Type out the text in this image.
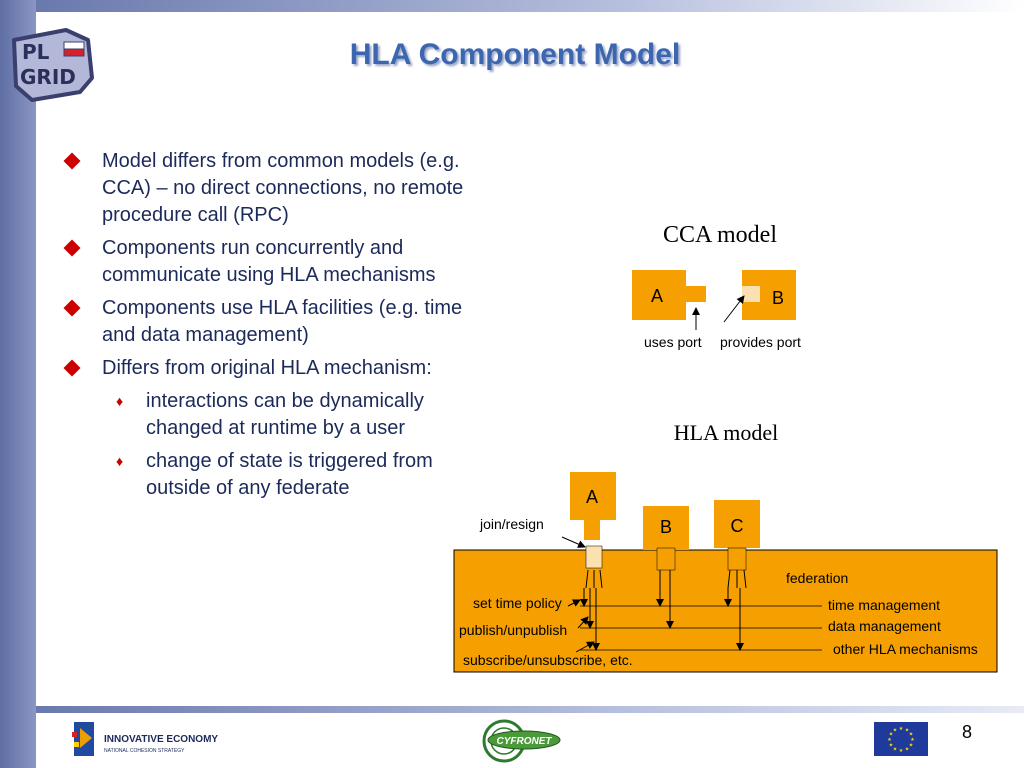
PL
GRID
HLA Component Model
Model differs from common models (e.g. CCA) – no direct connections, no remote procedure call (RPC)
Components run concurrently and communicate using HLA mechanisms
Components use HLA facilities (e.g. time and data management)
Differs from original HLA mechanism:
♦ interactions can be dynamically changed at runtime by a user
♦ change of state is triggered from outside of any federate
CCA model
A	B
uses port provides port
HLA model
A
B	C
join/resign
federation
set time policy
publish/unpublish
subscribe/unsubscribe, etc.
time management
data management
other HLA mechanisms
INNOVATIVE ECONOMY
NATIONAL COHESION STRATEGY
CYFRONET
★ ★
★
★
★
★
★
★
★
★
★
★	8
